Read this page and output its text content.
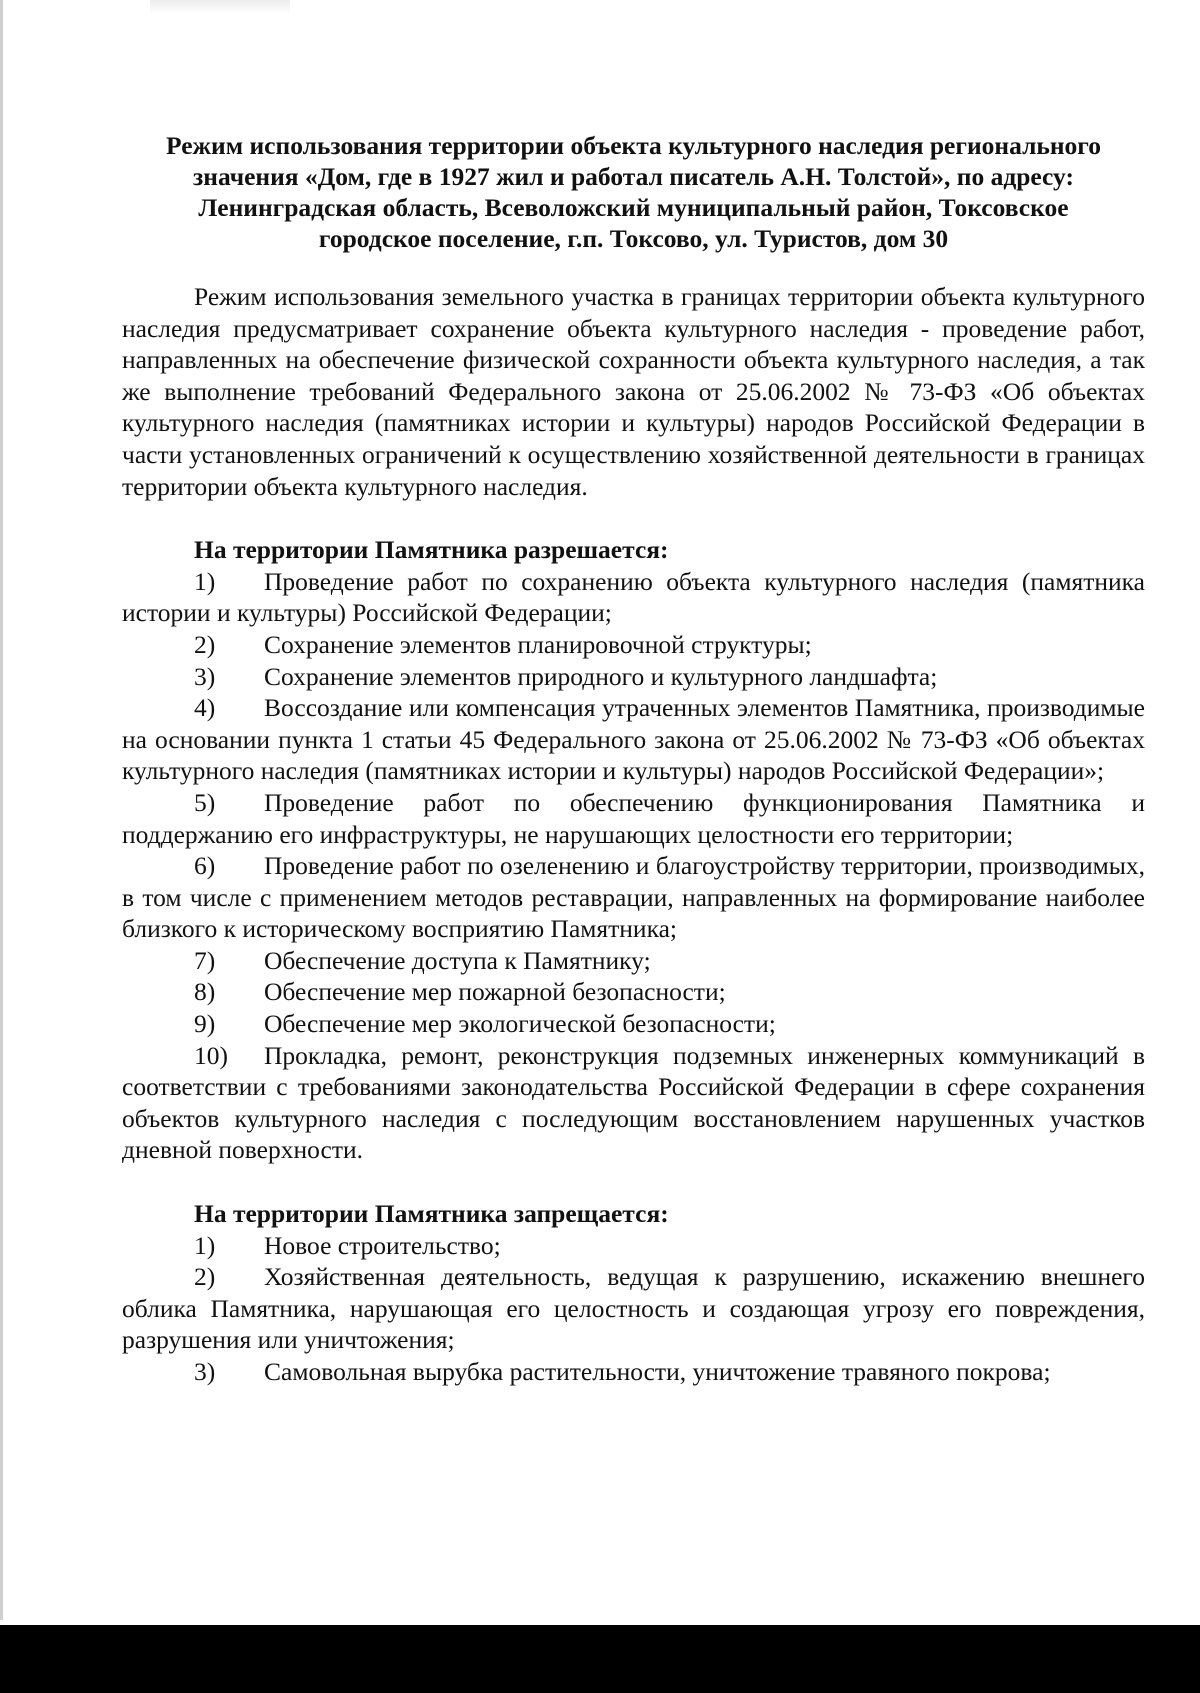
Режим использования территории объекта культурного наследия регионального значения «Дом, где в 1927 жил и работал писатель А.Н. Толстой», по адресу: Ленинградская область, Всеволожский муниципальный район, Токсовское городское поселение, г.п. Токсово, ул. Туристов, дом 30

Режим использования земельного участка в границах территории объекта культурного наследия предусматривает сохранение объекта культурного наследия - проведение работ, направленных на обеспечение физической сохранности объекта культурного наследия, а так же выполнение требований Федерального закона от 25.06.2002 № 73-ФЗ «Об объектах культурного наследия (памятниках истории и культуры) народов Российской Федерации в части установленных ограничений к осуществлению хозяйственной деятельности в границах территории объекта культурного наследия.

На территории Памятника разрешается:
1) Проведение работ по сохранению объекта культурного наследия (памятника истории и культуры) Российской Федерации;
2) Сохранение элементов планировочной структуры;
3) Сохранение элементов природного и культурного ландшафта;
4) Воссоздание или компенсация утраченных элементов Памятника, производимые на основании пункта 1 статьи 45 Федерального закона от 25.06.2002 № 73-ФЗ «Об объектах культурного наследия (памятниках истории и культуры) народов Российской Федерации»;
5) Проведение работ по обеспечению функционирования Памятника и поддержанию его инфраструктуры, не нарушающих целостности его территории;
6) Проведение работ по озеленению и благоустройству территории, производимых, в том числе с применением методов реставрации, направленных на формирование наиболее близкого к историческому восприятию Памятника;
7) Обеспечение доступа к Памятнику;
8) Обеспечение мер пожарной безопасности;
9) Обеспечение мер экологической безопасности;
10) Прокладка, ремонт, реконструкция подземных инженерных коммуникаций в соответствии с требованиями законодательства Российской Федерации в сфере сохранения объектов культурного наследия с последующим восстановлением нарушенных участков дневной поверхности.
На территории Памятника запрещается:
1) Новое строительство;
2) Хозяйственная деятельность, ведущая к разрушению, искажению внешнего облика Памятника, нарушающая его целостность и создающая угрозу его повреждения, разрушения или уничтожения;
3) Самовольная вырубка растительности, уничтожение травяного покрова;
